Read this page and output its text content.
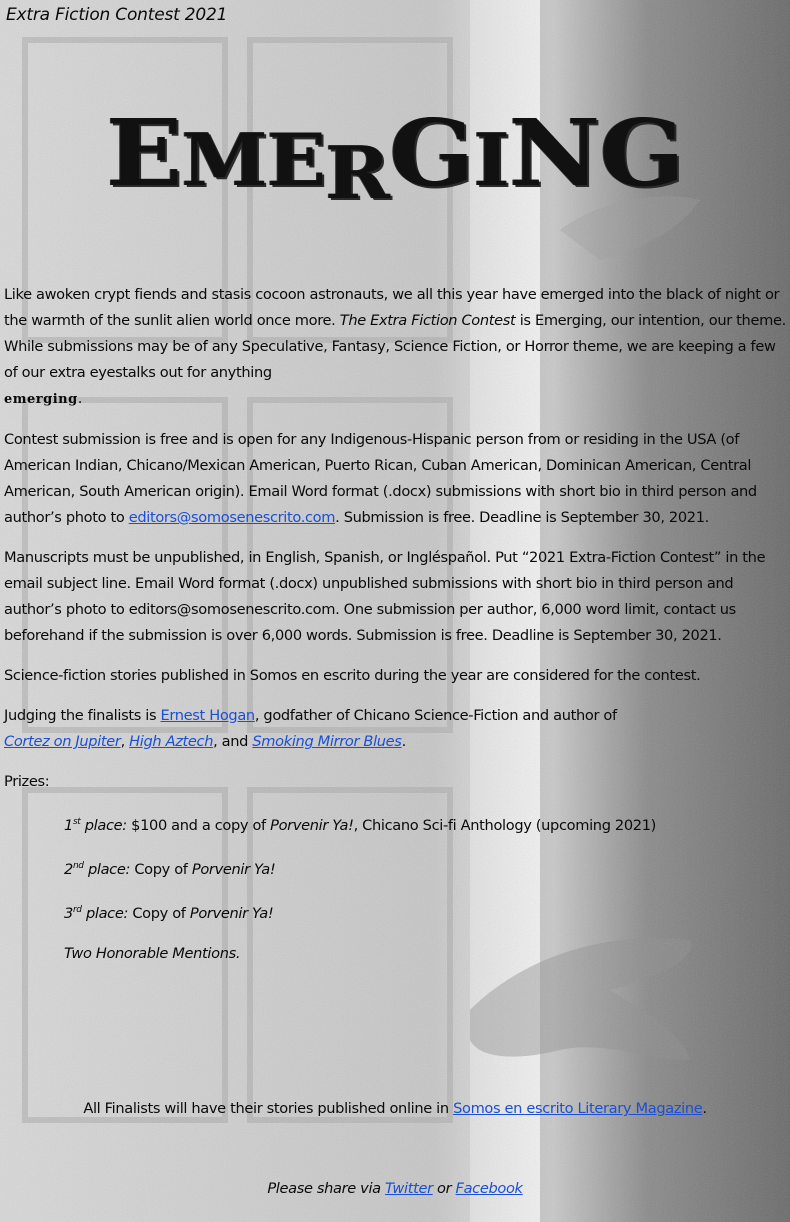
Extra Fiction Contest 2021
EMERGING

Like awoken crypt fiends and stasis cocoon astronauts, we all this year have emerged into the black of night or the warmth of the sunlit alien world once more. The Extra Fiction Contest is Emerging, our intention, our theme. While submissions may be of any Speculative, Fantasy, Science Fiction, or Horror theme, we are keeping a few of our extra eyestalks out for anything
emerging.

Contest submission is free and is open for any Indigenous-Hispanic person from or residing in the USA (of American Indian, Chicano/Mexican American, Puerto Rican, Cuban American, Dominican American, Central American, South American origin). Email Word format (.docx) submissions with short bio in third person and author’s photo to editors@somosenescrito.com. Submission is free. Deadline is September 30, 2021.

Manuscripts must be unpublished, in English, Spanish, or Ingléspañol. Put “2021 Extra-Fiction Contest” in the email subject line. Email Word format (.docx) unpublished submissions with short bio in third person and author’s photo to editors@somosenescrito.com. One submission per author, 6,000 word limit, contact us beforehand if the submission is over 6,000 words. Submission is free. Deadline is September 30, 2021.

Science-fiction stories published in Somos en escrito during the year are considered for the contest.

Judging the finalists is Ernest Hogan, godfather of Chicano Science-Fiction and author of
Cortez on Jupiter, High Aztech, and Smoking Mirror Blues.

Prizes:

1st place: $100 and a copy of Porvenir Ya!, Chicano Sci-fi Anthology (upcoming 2021)
2nd place: Copy of Porvenir Ya!
3rd place: Copy of Porvenir Ya!
Two Honorable Mentions.
All Finalists will have their stories published online in Somos en escrito Literary Magazine.
Please share via Twitter or Facebook
